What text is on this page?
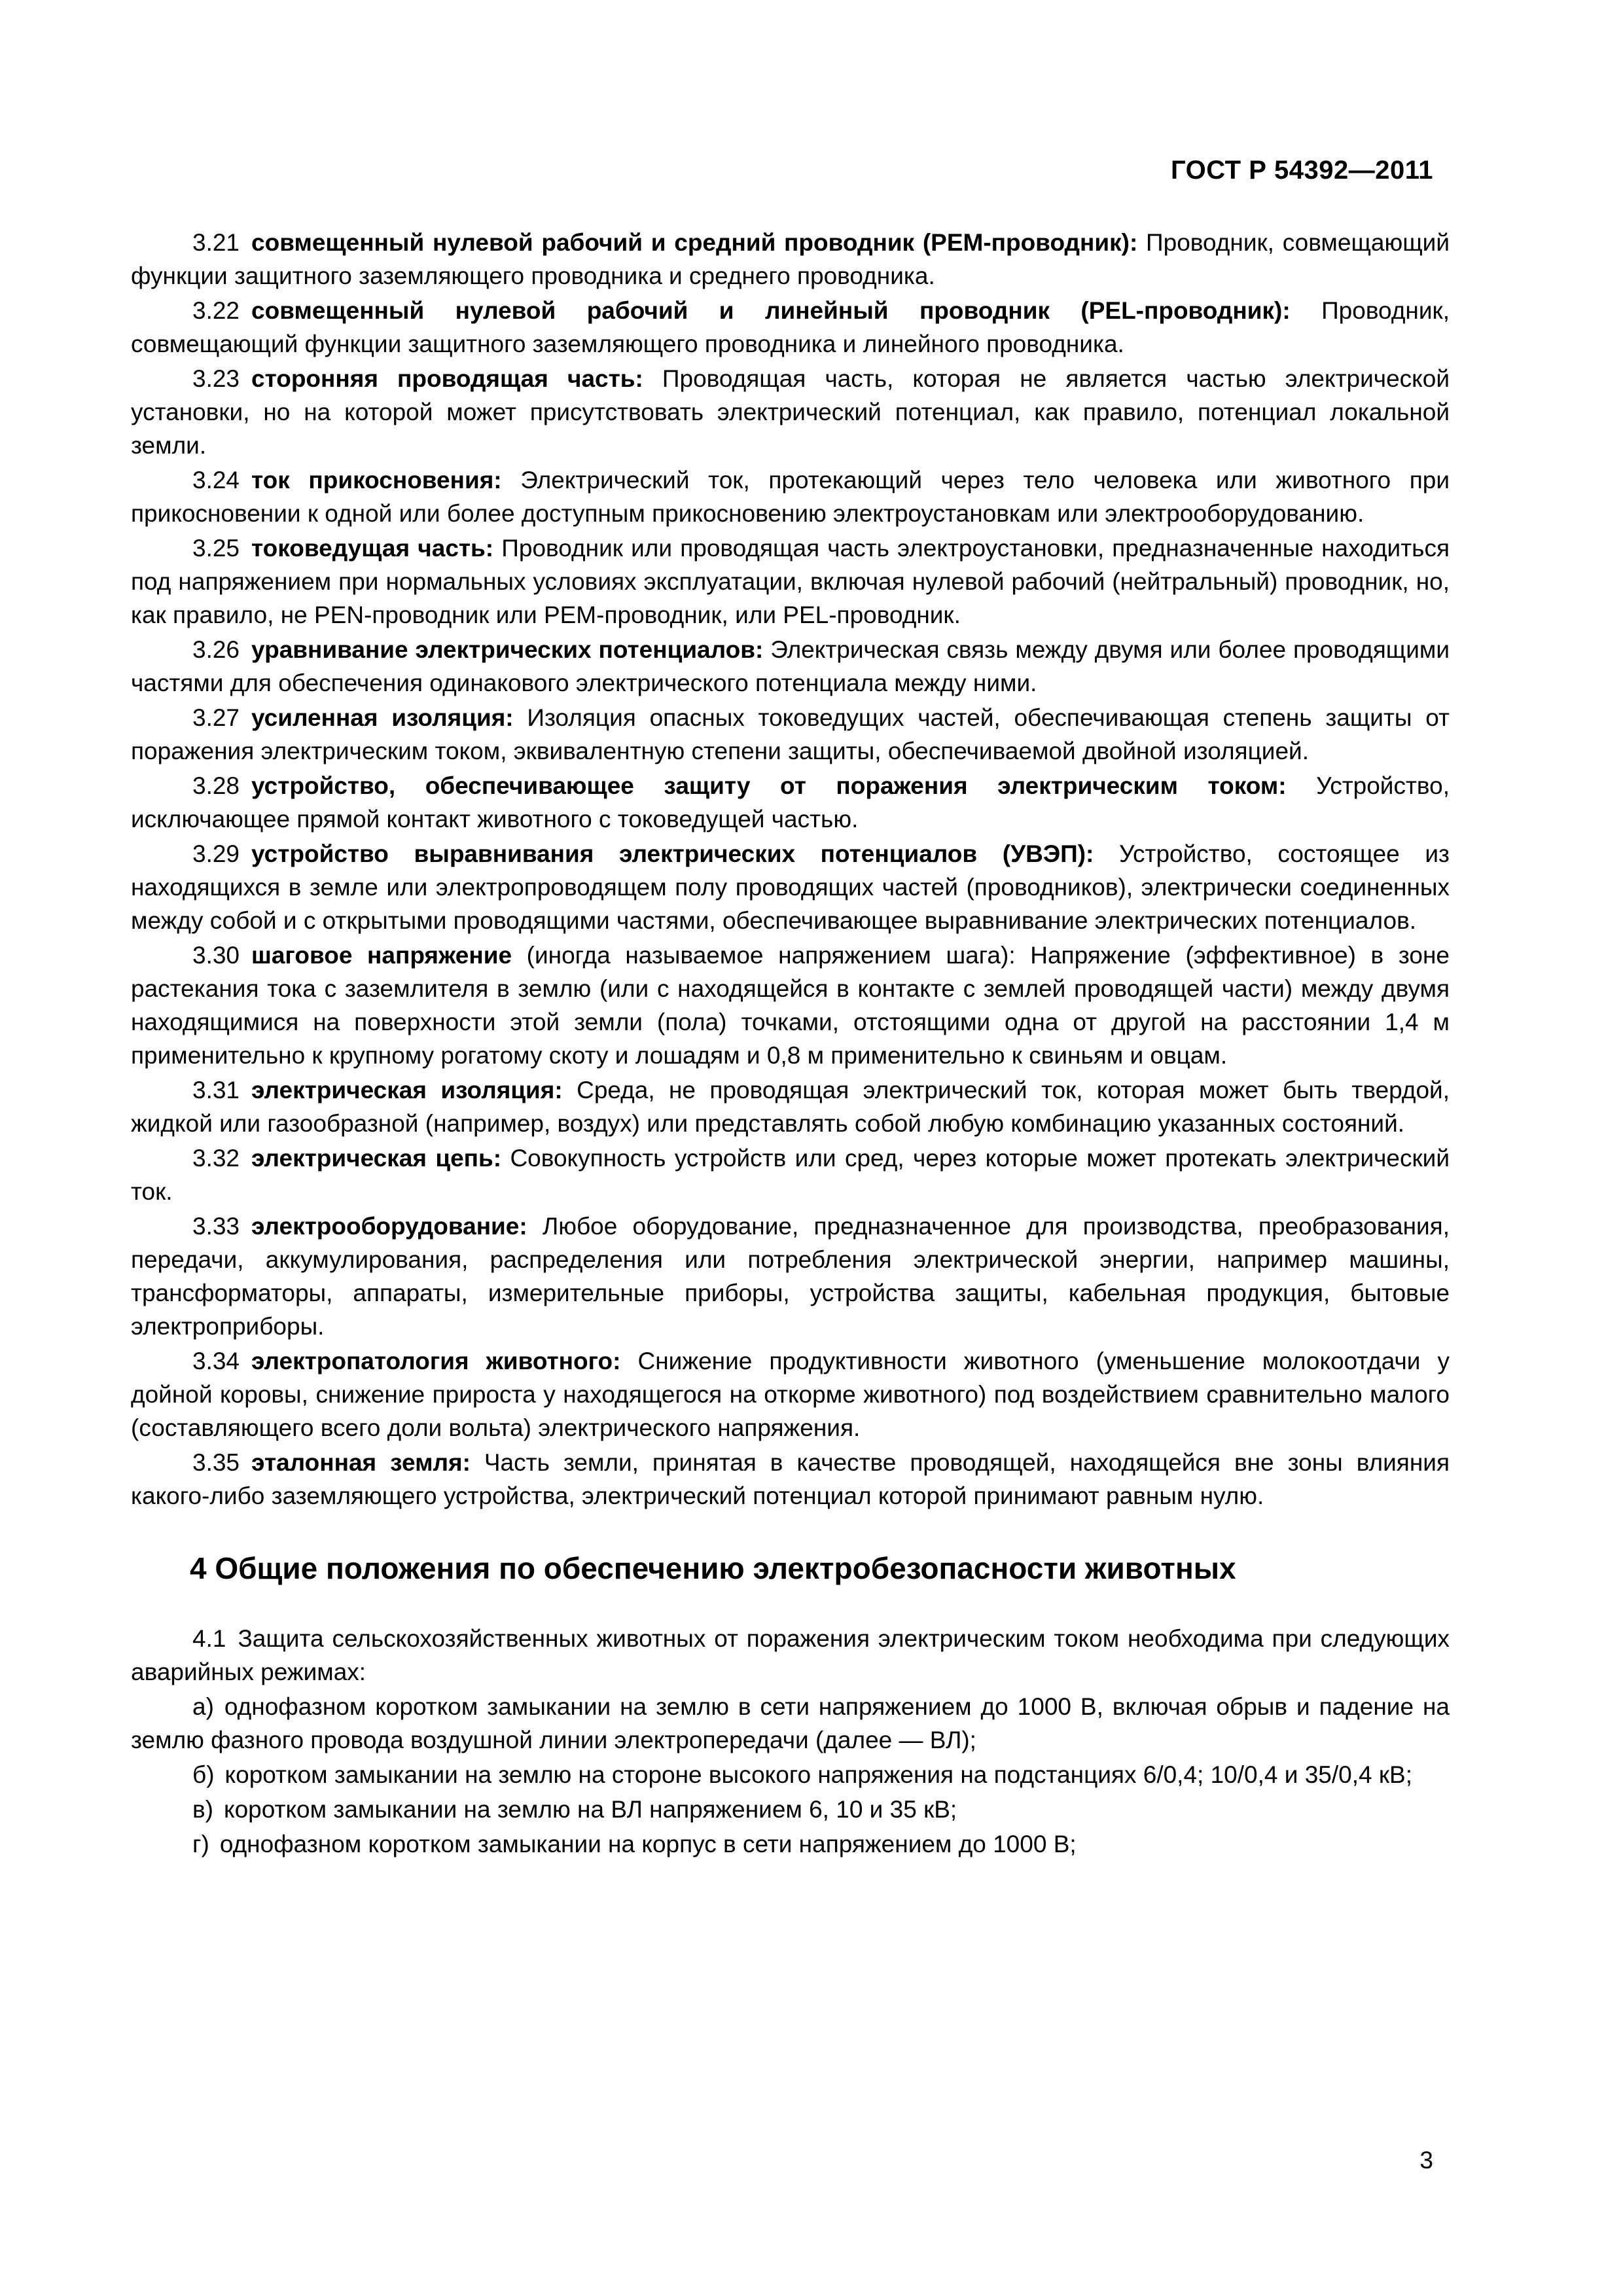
ГОСТ Р 54392—2011

3.21 совмещенный нулевой рабочий и средний проводник (PEM-проводник): Проводник, совмещающий функции защитного заземляющего проводника и среднего проводника.

3.22 совмещенный нулевой рабочий и линейный проводник (PEL-проводник): Проводник, совмещающий функции защитного заземляющего проводника и линейного проводника.

3.23 сторонняя проводящая часть: Проводящая часть, которая не является частью электрической установки, но на которой может присутствовать электрический потенциал, как правило, потенциал локальной земли.

3.24 ток прикосновения: Электрический ток, протекающий через тело человека или животного при прикосновении к одной или более доступным прикосновению электроустановкам или электрооборудованию.

3.25 токоведущая часть: Проводник или проводящая часть электроустановки, предназначенные находиться под напряжением при нормальных условиях эксплуатации, включая нулевой рабочий (нейтральный) проводник, но, как правило, не PEN-проводник или PEM-проводник, или PEL-проводник.

3.26 уравнивание электрических потенциалов: Электрическая связь между двумя или более проводящими частями для обеспечения одинакового электрического потенциала между ними.

3.27 усиленная изоляция: Изоляция опасных токоведущих частей, обеспечивающая степень защиты от поражения электрическим током, эквивалентную степени защиты, обеспечиваемой двойной изоляцией.

3.28 устройство, обеспечивающее защиту от поражения электрическим током: Устройство, исключающее прямой контакт животного с токоведущей частью.

3.29 устройство выравнивания электрических потенциалов (УВЭП): Устройство, состоящее из находящихся в земле или электропроводящем полу проводящих частей (проводников), электрически соединенных между собой и с открытыми проводящими частями, обеспечивающее выравнивание электрических потенциалов.

3.30 шаговое напряжение (иногда называемое напряжением шага): Напряжение (эффективное) в зоне растекания тока с заземлителя в землю (или с находящейся в контакте с землей проводящей части) между двумя находящимися на поверхности этой земли (пола) точками, отстоящими одна от другой на расстоянии 1,4 м применительно к крупному рогатому скоту и лошадям и 0,8 м применительно к свиньям и овцам.

3.31 электрическая изоляция: Среда, не проводящая электрический ток, которая может быть твердой, жидкой или газообразной (например, воздух) или представлять собой любую комбинацию указанных состояний.

3.32 электрическая цепь: Совокупность устройств или сред, через которые может протекать электрический ток.

3.33 электрооборудование: Любое оборудование, предназначенное для производства, преобразования, передачи, аккумулирования, распределения или потребления электрической энергии, например машины, трансформаторы, аппараты, измерительные приборы, устройства защиты, кабельная продукция, бытовые электроприборы.

3.34 электропатология животного: Снижение продуктивности животного (уменьшение молокоотдачи у дойной коровы, снижение прироста у находящегося на откорме животного) под воздействием сравнительно малого (составляющего всего доли вольта) электрического напряжения.

3.35 эталонная земля: Часть земли, принятая в качестве проводящей, находящейся вне зоны влияния какого-либо заземляющего устройства, электрический потенциал которой принимают равным нулю.

4 Общие положения по обеспечению электробезопасности животных

4.1 Защита сельскохозяйственных животных от поражения электрическим током необходима при следующих аварийных режимах:

а) однофазном коротком замыкании на землю в сети напряжением до 1000 В, включая обрыв и падение на землю фазного провода воздушной линии электропередачи (далее — ВЛ);

б) коротком замыкании на землю на стороне высокого напряжения на подстанциях 6/0,4; 10/0,4 и 35/0,4 кВ;

в) коротком замыкании на землю на ВЛ напряжением 6, 10 и 35 кВ;

г) однофазном коротком замыкании на корпус в сети напряжением до 1000 В;

3
